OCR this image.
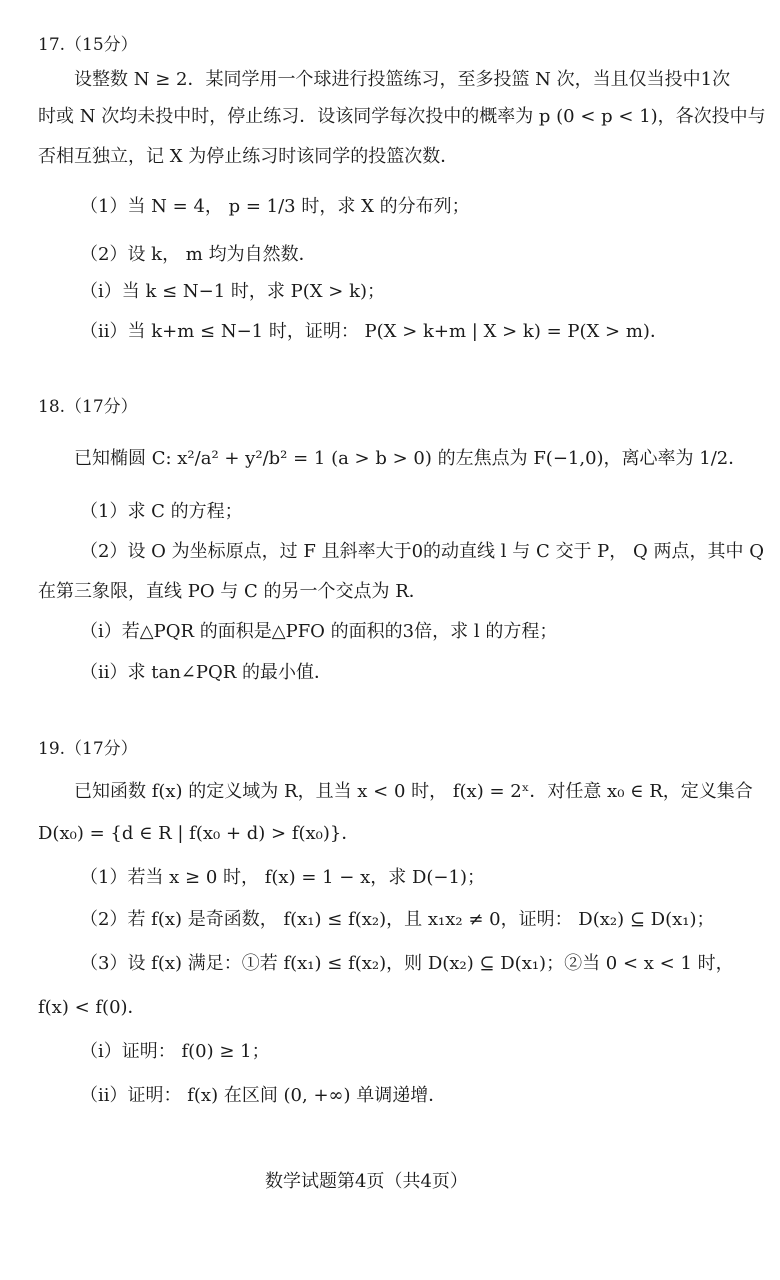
17.（15分）
设整数 N ≥ 2．某同学用一个球进行投篮练习，至多投篮 N 次，当且仅当投中1次
时或 N 次均未投中时，停止练习．设该同学每次投中的概率为 p (0 < p < 1)，各次投中与
否相互独立，记 X 为停止练习时该同学的投篮次数．
（1）当 N = 4， p = 1/3 时，求 X 的分布列；
（2）设 k， m 均为自然数．
（ⅰ）当 k ≤ N−1 时，求 P(X > k)；
（ⅱ）当 k+m ≤ N−1 时，证明： P(X > k+m | X > k) = P(X > m)．
18.（17分）
已知椭圆 C: x²/a² + y²/b² = 1 (a > b > 0) 的左焦点为 F(−1,0)，离心率为 1/2．
（1）求 C 的方程；
（2）设 O 为坐标原点，过 F 且斜率大于0的动直线 l 与 C 交于 P， Q 两点，其中 Q
在第三象限，直线 PO 与 C 的另一个交点为 R．
（ⅰ）若△PQR 的面积是△PFO 的面积的3倍，求 l 的方程；
（ⅱ）求 tan∠PQR 的最小值．
19.（17分）
已知函数 f(x) 的定义域为 R，且当 x < 0 时， f(x) = 2ˣ．对任意 x₀ ∈ R，定义集合
D(x₀) = {d ∈ R | f(x₀ + d) > f(x₀)}．
（1）若当 x ≥ 0 时， f(x) = 1 − x，求 D(−1)；
（2）若 f(x) 是奇函数， f(x₁) ≤ f(x₂)，且 x₁x₂ ≠ 0，证明： D(x₂) ⊆ D(x₁)；
（3）设 f(x) 满足：①若 f(x₁) ≤ f(x₂)，则 D(x₂) ⊆ D(x₁)；②当 0 < x < 1 时，
f(x) < f(0)．
（ⅰ）证明： f(0) ≥ 1；
（ⅱ）证明： f(x) 在区间 (0, +∞) 单调递增．
数学试题第4页（共4页）
